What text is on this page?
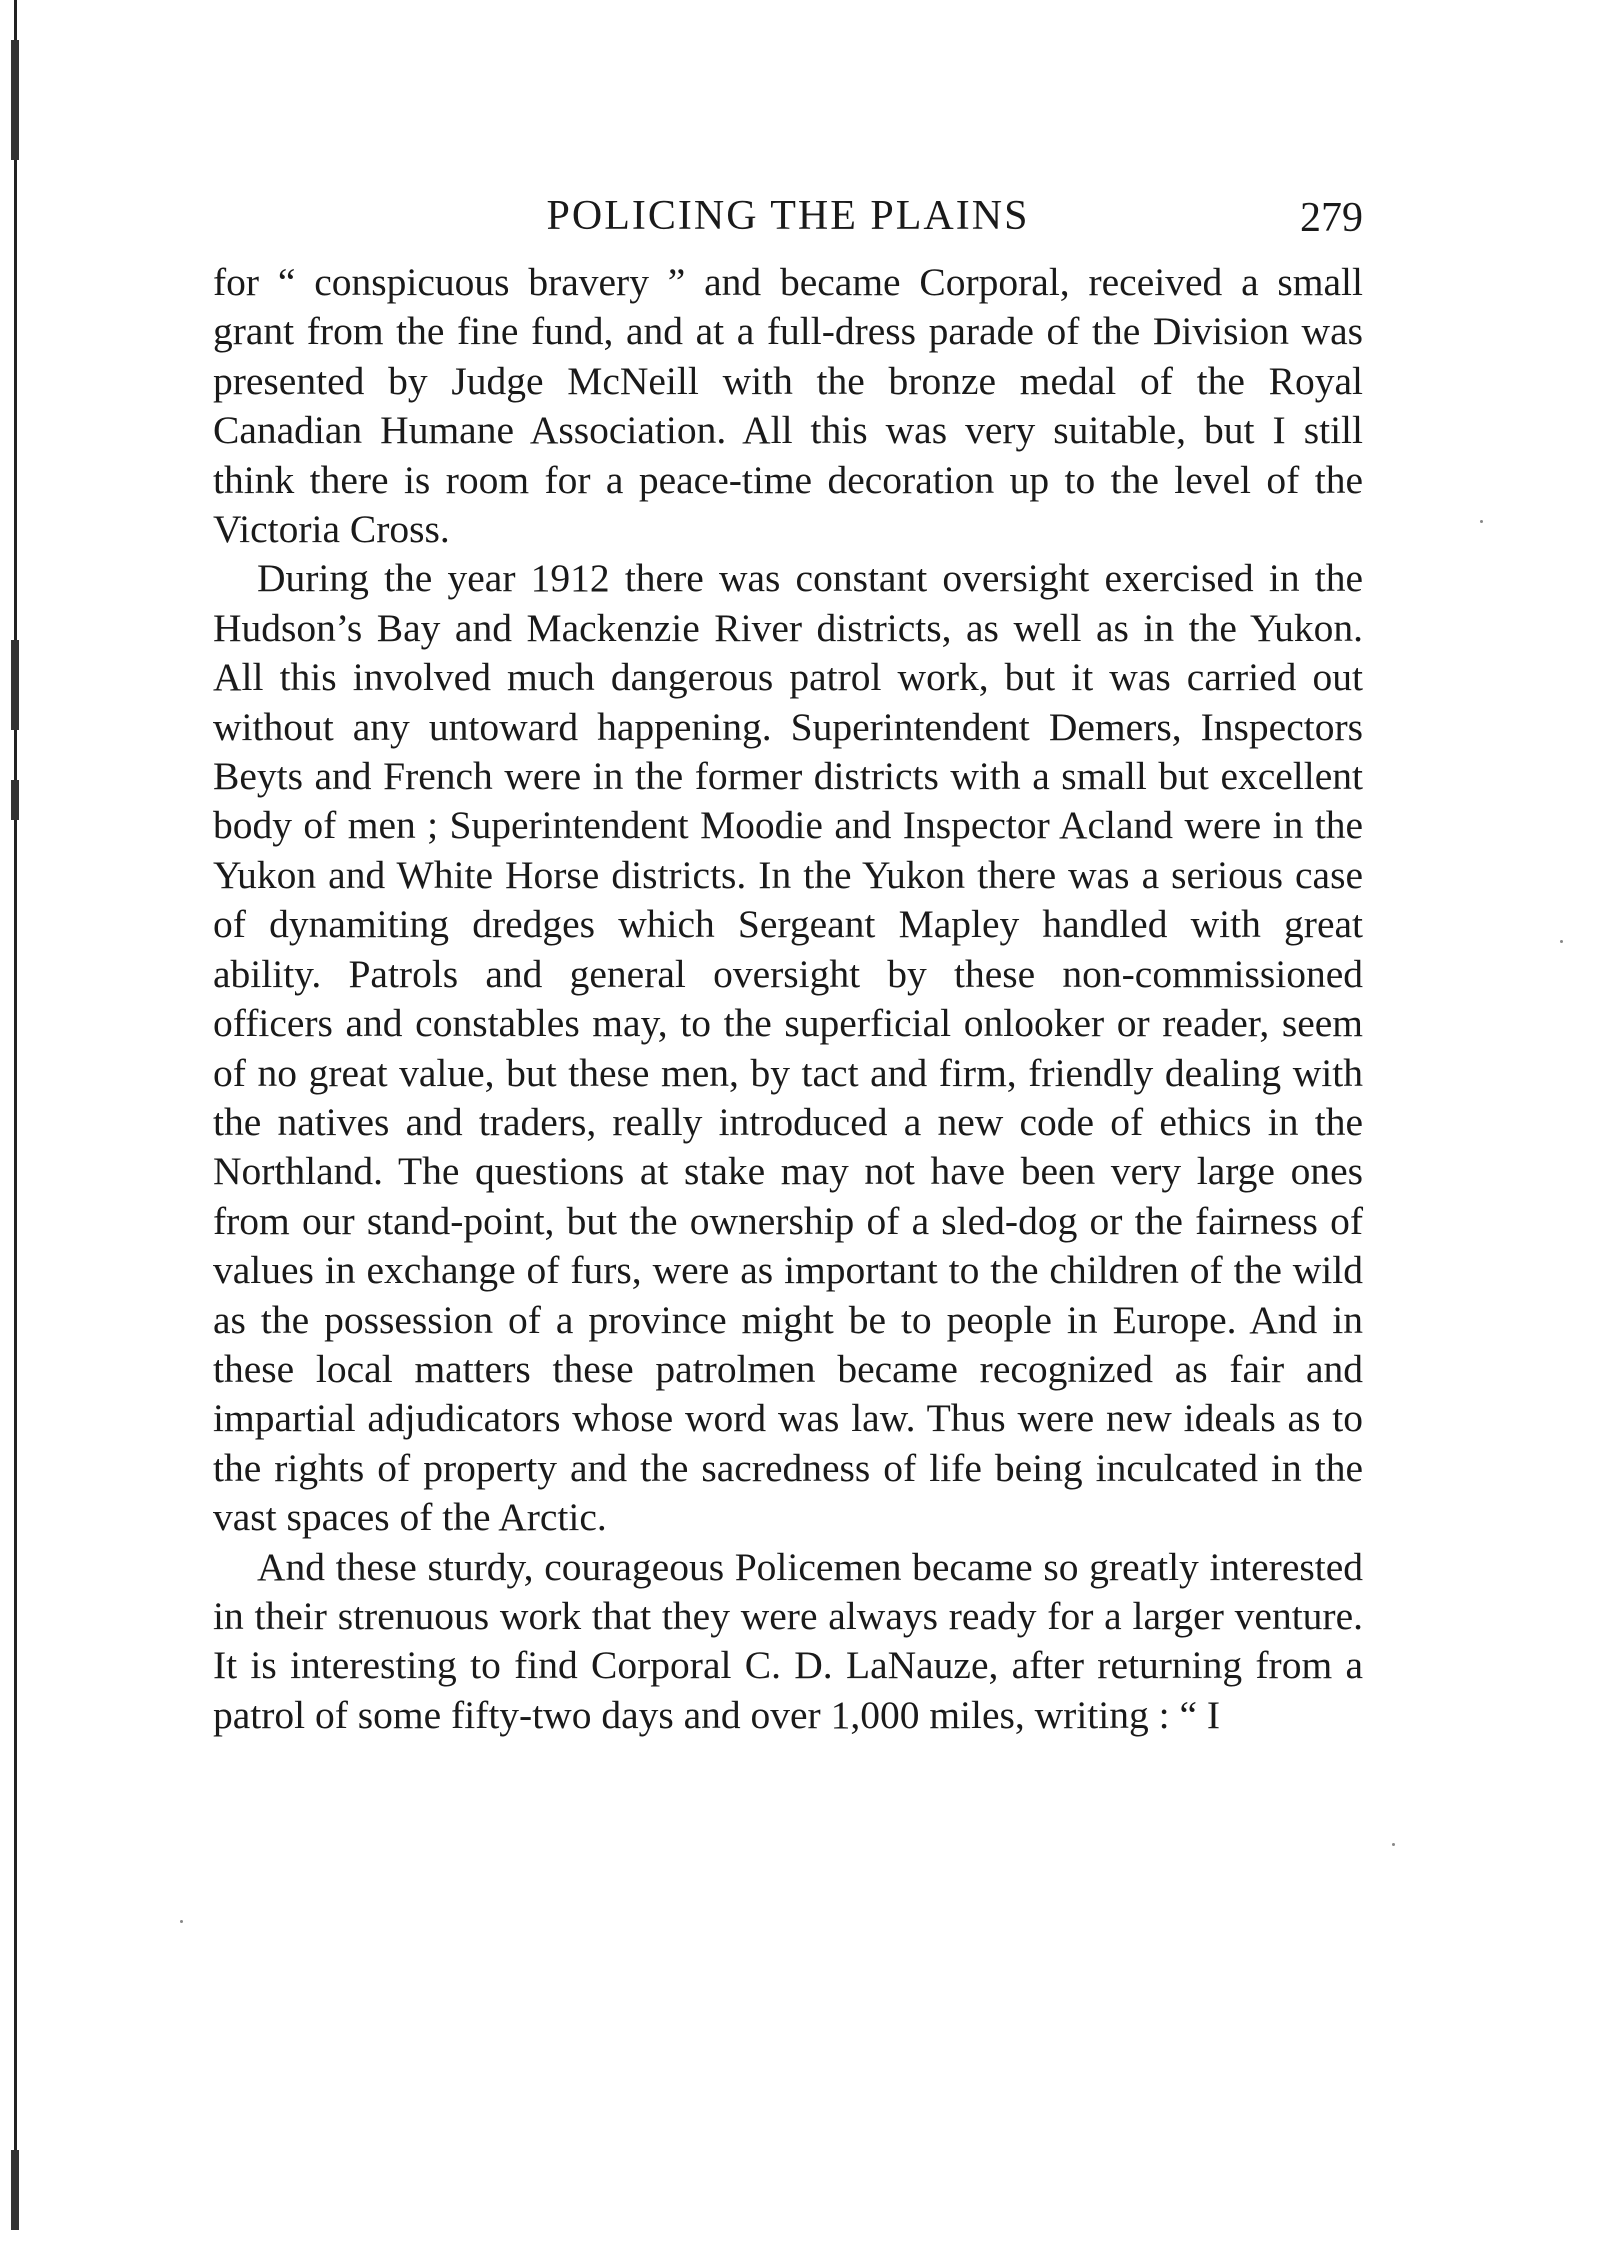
POLICING THE PLAINS	279

for “ conspicuous bravery ” and became Corporal, received a small grant from the fine fund, and at a full-dress parade of the Division was presented by Judge McNeill with the bronze medal of the Royal Canadian Humane Association. All this was very suitable, but I still think there is room for a peace-time decoration up to the level of the Victoria Cross.

During the year 1912 there was constant oversight exercised in the Hudson’s Bay and Mackenzie River districts, as well as in the Yukon. All this involved much dangerous patrol work, but it was carried out without any untoward happening. Superintendent Demers, Inspectors Beyts and French were in the former districts with a small but excellent body of men ; Superintendent Moodie and Inspector Acland were in the Yukon and White Horse districts. In the Yukon there was a serious case of dynamiting dredges which Sergeant Mapley handled with great ability. Patrols and general oversight by these non-commissioned officers and constables may, to the superficial onlooker or reader, seem of no great value, but these men, by tact and firm, friendly dealing with the natives and traders, really introduced a new code of ethics in the Northland. The questions at stake may not have been very large ones from our stand-point, but the ownership of a sled-dog or the fairness of values in exchange of furs, were as important to the children of the wild as the possession of a province might be to people in Europe. And in these local matters these patrolmen became recognized as fair and impartial adjudicators whose word was law. Thus were new ideals as to the rights of property and the sacredness of life being inculcated in the vast spaces of the Arctic.

And these sturdy, courageous Policemen became so greatly interested in their strenuous work that they were always ready for a larger venture. It is interesting to find Corporal C. D. LaNauze, after returning from a patrol of some fifty-two days and over 1,000 miles, writing : “ I
